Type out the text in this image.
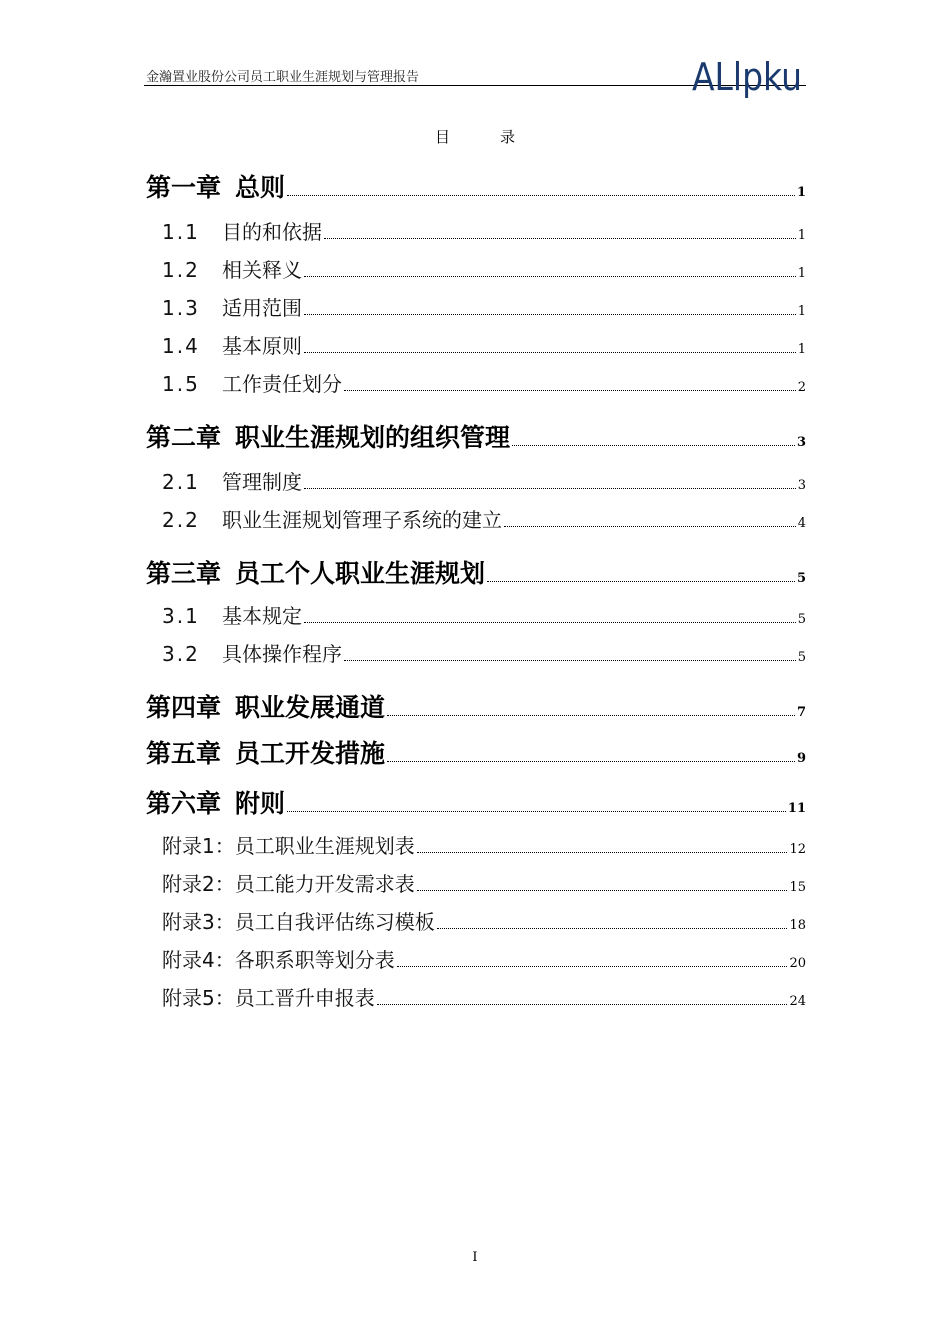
金瀚置业股份公司员工职业生涯规划与管理报告	ALlpku
目录
第一章 总则	1
1.1 目的和依据	1
1.2 相关释义	1
1.3 适用范围	1
1.4 基本原则	1
1.5 工作责任划分	2
第二章 职业生涯规划的组织管理	3
2.1 管理制度	3
2.2 职业生涯规划管理子系统的建立	4
第三章 员工个人职业生涯规划	5
3.1 基本规定	5
3.2 具体操作程序	5
第四章 职业发展通道	7
第五章 员工开发措施	9
第六章 附则	11
附录1：员工职业生涯规划表	12
附录2：员工能力开发需求表	15
附录3：员工自我评估练习模板	18
附录4：各职系职等划分表	20
附录5：员工晋升申报表	24
I
